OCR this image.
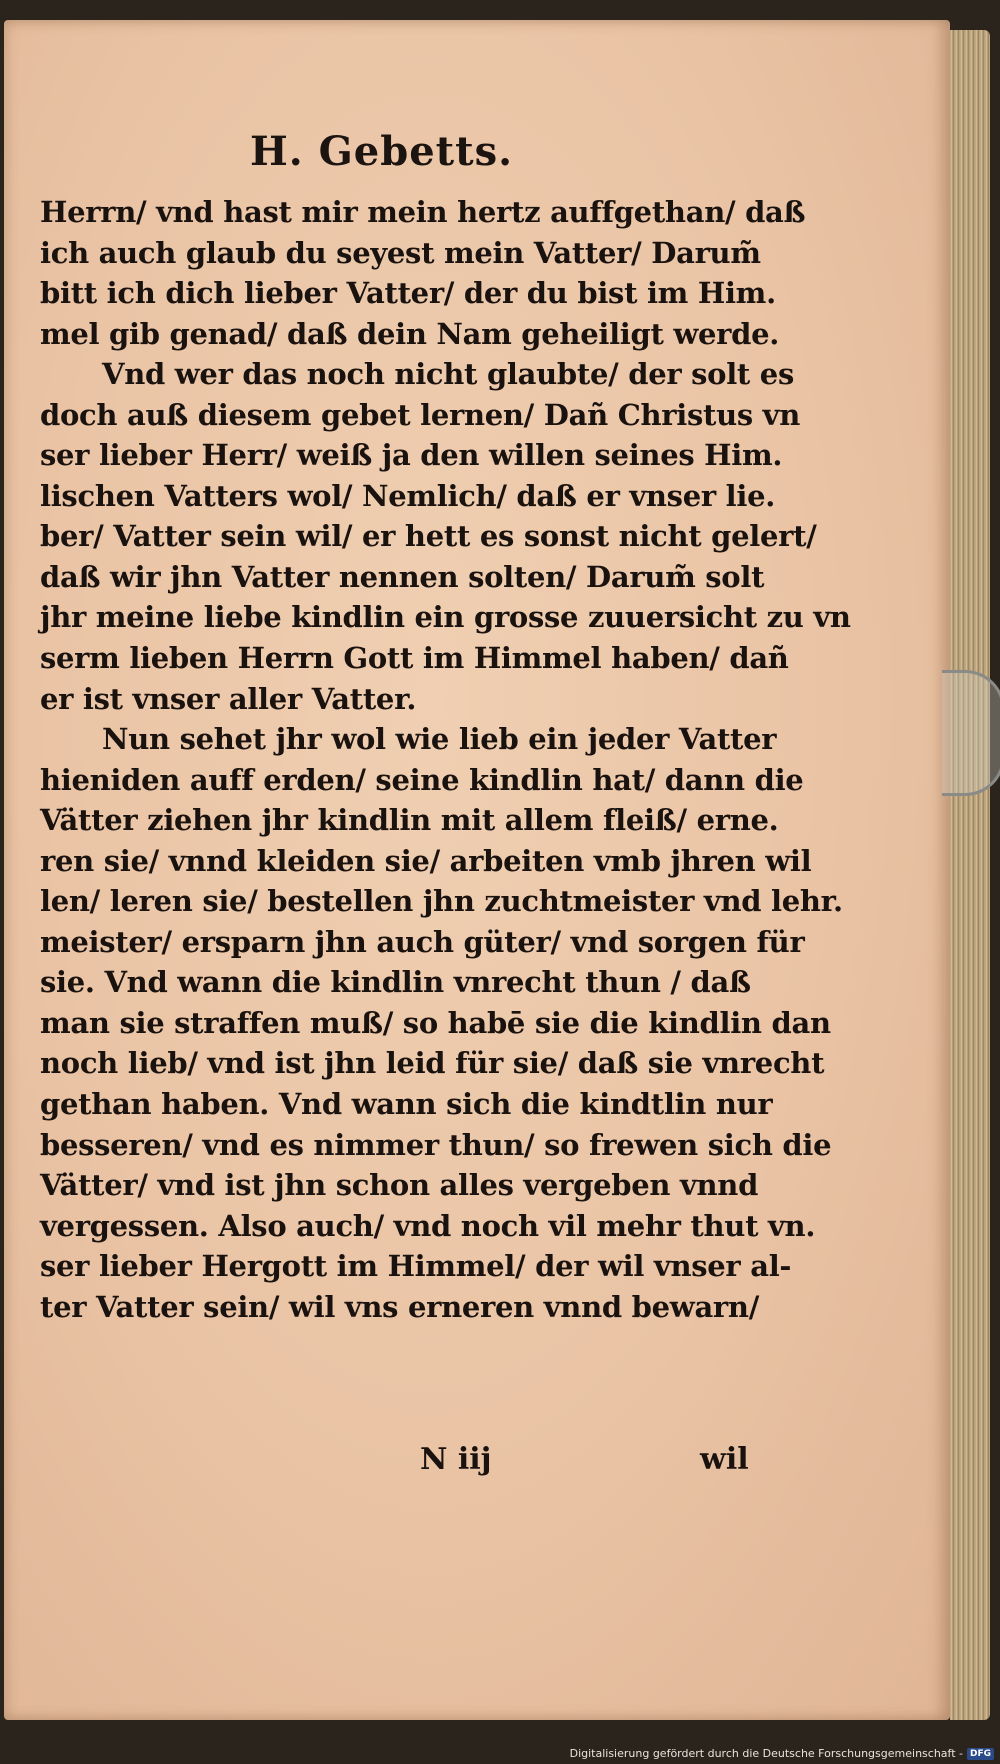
H. Gebetts.
Herrn/ vnd hast mir mein hertz auffgethan/ daß
ich auch glaub du seyest mein Vatter/ Darum̃
bitt ich dich lieber Vatter/ der du bist im Him.
mel gib genad/ daß dein Nam geheiligt werde.
Vnd wer das noch nicht glaubte/ der solt es
doch auß diesem gebet lernen/ Dañ Christus vn
ser lieber Herr/ weiß ja den willen seines Him.
lischen Vatters wol/ Nemlich/ daß er vnser lie.
ber/ Vatter sein wil/ er hett es sonst nicht gelert/
daß wir jhn Vatter nennen solten/ Darum̃ solt
jhr meine liebe kindlin ein grosse zuuersicht zu vn
serm lieben Herrn Gott im Himmel haben/ dañ
er ist vnser aller Vatter.
Nun sehet jhr wol wie lieb ein jeder Vatter
hieniden auff erden/ seine kindlin hat/ dann die
Vätter ziehen jhr kindlin mit allem fleiß/ erne.
ren sie/ vnnd kleiden sie/ arbeiten vmb jhren wil
len/ leren sie/ bestellen jhn zuchtmeister vnd lehr.
meister/ ersparn jhn auch güter/ vnd sorgen für
sie. Vnd wann die kindlin vnrecht thun / daß
man sie straffen muß/ so habē sie die kindlin dan
noch lieb/ vnd ist jhn leid für sie/ daß sie vnrecht
gethan haben. Vnd wann sich die kindtlin nur
besseren/ vnd es nimmer thun/ so frewen sich die
Vätter/ vnd ist jhn schon alles vergeben vnnd
vergessen. Also auch/ vnd noch vil mehr thut vn.
ser lieber Hergott im Himmel/ der wil vnser al-
ter Vatter sein/ wil vns erneren vnnd bewarn/
N iij	wil
Digitalisierung gefördert durch die Deutsche Forschungsgemeinschaft - DFG
